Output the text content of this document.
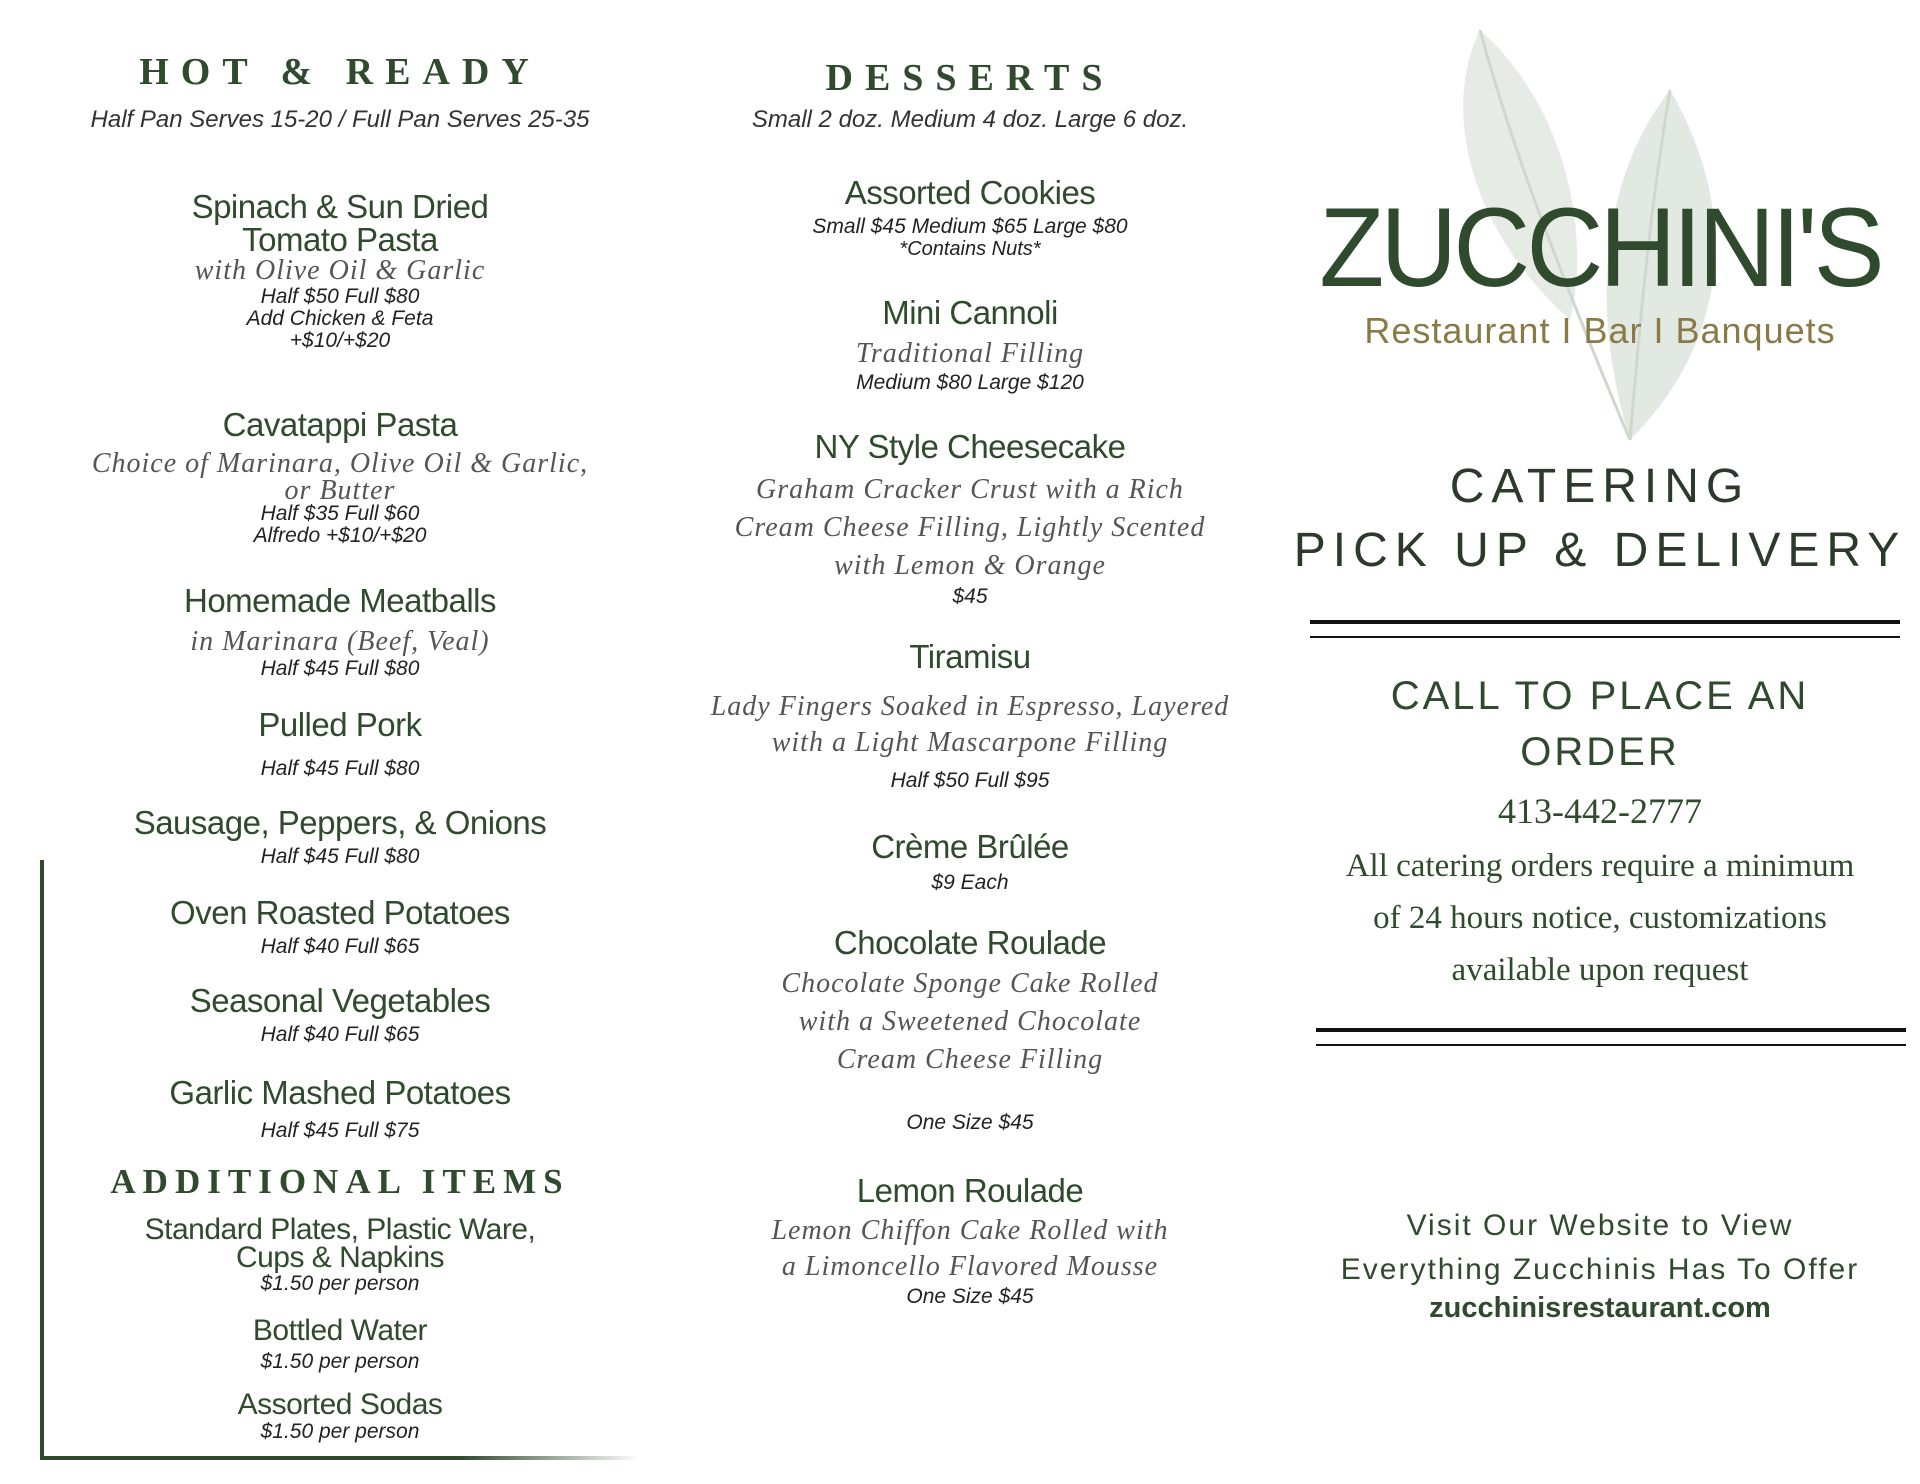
HOT & READY
Half Pan Serves 15-20 / Full Pan Serves 25-35
Spinach & Sun Dried
Tomato Pasta
with Olive Oil & Garlic
Half $50 Full $80
Add Chicken & Feta
+$10/+$20
Cavatappi Pasta
Choice of Marinara, Olive Oil & Garlic,
or Butter
Half $35 Full $60
Alfredo +$10/+$20
Homemade Meatballs
in Marinara (Beef, Veal)
Half $45 Full $80
Pulled Pork
Half $45 Full $80
Sausage, Peppers, & Onions
Half $45 Full $80
Oven Roasted Potatoes
Half $40 Full $65
Seasonal Vegetables
Half $40 Full $65
Garlic Mashed Potatoes
Half $45 Full $75
ADDITIONAL ITEMS
Standard Plates, Plastic Ware,
Cups & Napkins
$1.50 per person
Bottled Water
$1.50 per person
Assorted Sodas
$1.50 per person
DESSERTS
Small 2 doz. Medium 4 doz. Large 6 doz.
Assorted Cookies
Small $45 Medium $65 Large $80
*Contains Nuts*
Mini Cannoli
Traditional Filling
Medium $80 Large $120
NY Style Cheesecake
Graham Cracker Crust with a Rich
Cream Cheese Filling, Lightly Scented
with Lemon & Orange
$45
Tiramisu
Lady Fingers Soaked in Espresso, Layered
with a Light Mascarpone Filling
Half $50 Full $95
Crème Brûlée
$9 Each
Chocolate Roulade
Chocolate Sponge Cake Rolled
with a Sweetened Chocolate
Cream Cheese Filling
One Size $45
Lemon Roulade
Lemon Chiffon Cake Rolled with
a Limoncello Flavored Mousse
One Size $45
ZUCCHINI'S
Restaurant I Bar I Banquets
CATERING
PICK UP & DELIVERY
CALL TO PLACE AN
ORDER
413-442-2777
All catering orders require a minimum
of 24 hours notice, customizations
available upon request
Visit Our Website to View
Everything Zucchinis Has To Offer
zucchinisrestaurant.com
